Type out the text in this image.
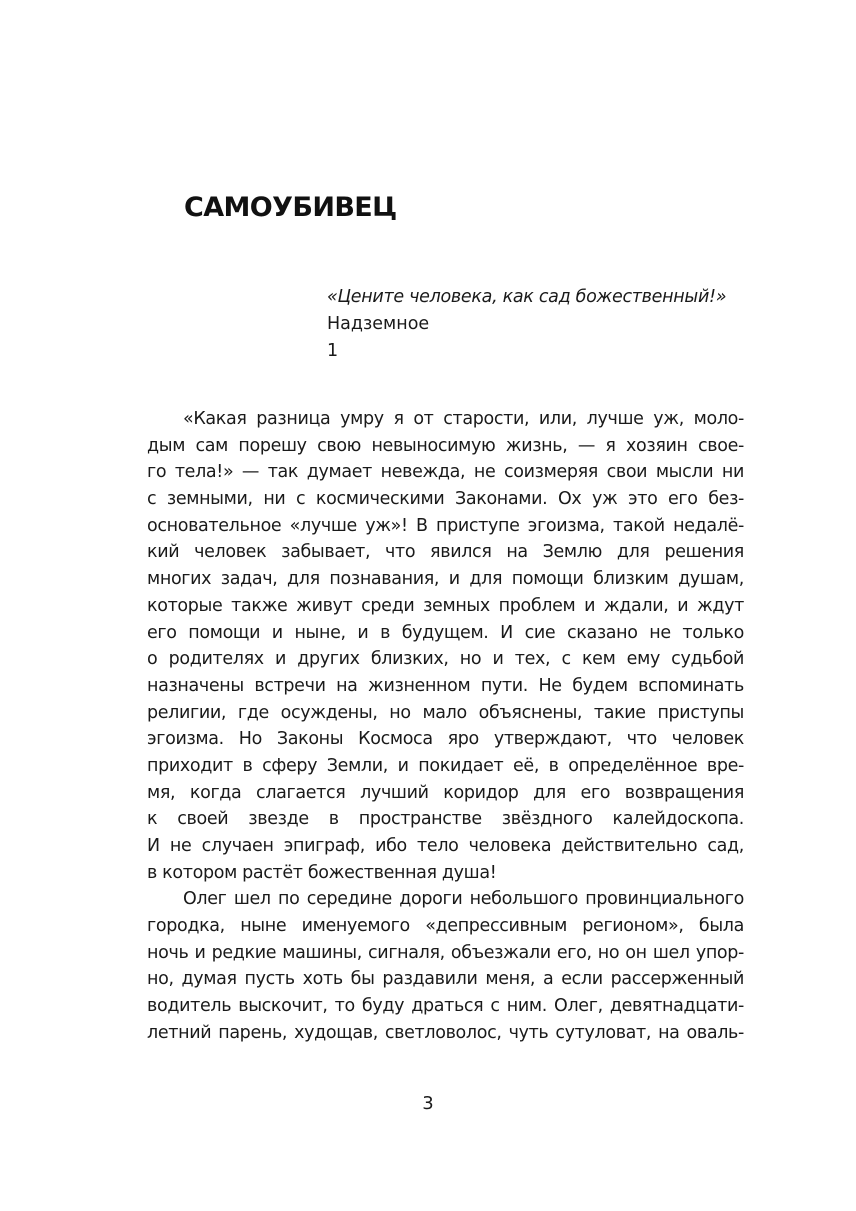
САМОУБИВЕЦ
«Цените человека, как сад божественный!»
Надземное
1
«Какая разница умру я от старости, или, лучше уж, моло-
дым сам порешу свою невыносимую жизнь, — я хозяин свое-
го тела!» — так думает невежда, не соизмеряя свои мысли ни
с земными, ни с космическими Законами. Ох уж это его без-
основательное «лучше уж»! В приступе эгоизма, такой недалё-
кий человек забывает, что явился на Землю для решения
многих задач, для познавания, и для помощи близким душам,
которые также живут среди земных проблем и ждали, и ждут
его помощи и ныне, и в будущем. И сие сказано не только
о родителях и других близких, но и тех, с кем ему судьбой
назначены встречи на жизненном пути. Не будем вспоминать
религии, где осуждены, но мало объяснены, такие приступы
эгоизма. Но Законы Космоса яро утверждают, что человек
приходит в сферу Земли, и покидает её, в определённое вре-
мя, когда слагается лучший коридор для его возвращения
к своей звезде в пространстве звёздного калейдоскопа.
И не случаен эпиграф, ибо тело человека действительно сад,
в котором растёт божественная душа!
Олег шел по середине дороги небольшого провинциального
городка, ныне именуемого «депрессивным регионом», была
ночь и редкие машины, сигналя, объезжали его, но он шел упор-
но, думая пусть хоть бы раздавили меня, а если рассерженный
водитель выскочит, то буду драться с ним. Олег, девятнадцати-
летний парень, худощав, светловолос, чуть сутуловат, на оваль-
3
